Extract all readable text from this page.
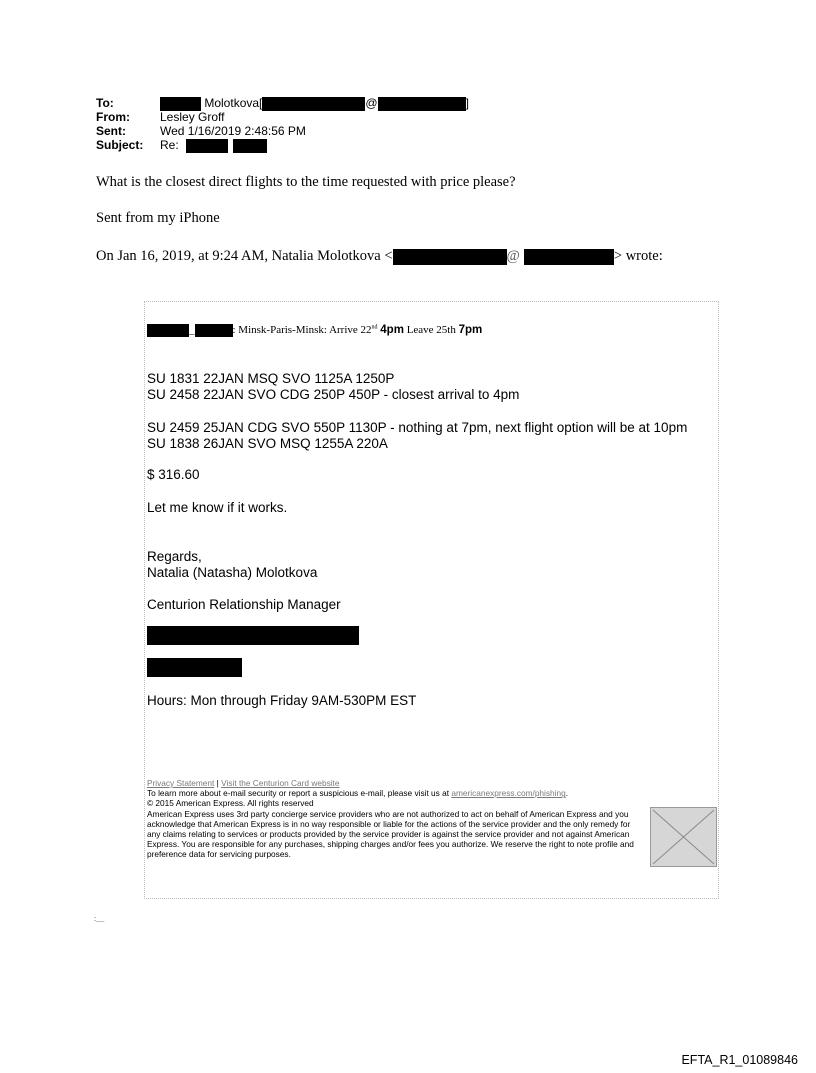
To:	Molotkova[	@	]
From:	Lesley Groff
Sent:	Wed 1/16/2019 2:48:56 PM
Subject: Re:
What is the closest direct flights to the time requested with price please?
Sent from my iPhone
On Jan 16, 2019, at 9:24 AM, Natalia Molotkova <	@	> wrote:
_	: Minsk-Paris-Minsk: Arrive 22nd 4pm Leave 25th 7pm
SU 1831 22JAN MSQ SVO 1125A 1250P
SU 2458 22JAN SVO CDG 250P 450P - closest arrival to 4pm
SU 2459 25JAN CDG SVO 550P 1130P - nothing at 7pm, next flight option will be at 10pm
SU 1838 26JAN SVO MSQ 1255A 220A
$ 316.60
Let me know if it works.
Regards,
Natalia (Natasha) Molotkova
Centurion Relationship Manager
Hours: Mon through Friday 9AM-530PM EST
Privacy Statement | Visit the Centurion Card website
To learn more about e-mail security or report a suspicious e-mail, please visit us at americanexpress.com/phishing.
© 2015 American Express. All rights reserved
American Express uses 3rd party concierge service providers who are not authorized to act on behalf of American Express and you acknowledge that American Express is in no way responsible or liable for the actions of the service provider and the only remedy for any claims relating to services or products provided by the service provider is against the service provider and not against American Express. You are responsible for any purchases, shipping charges and/or fees you authorize. We reserve the right to note profile and preference data for servicing purposes.
:__
EFTA_R1_01089846
